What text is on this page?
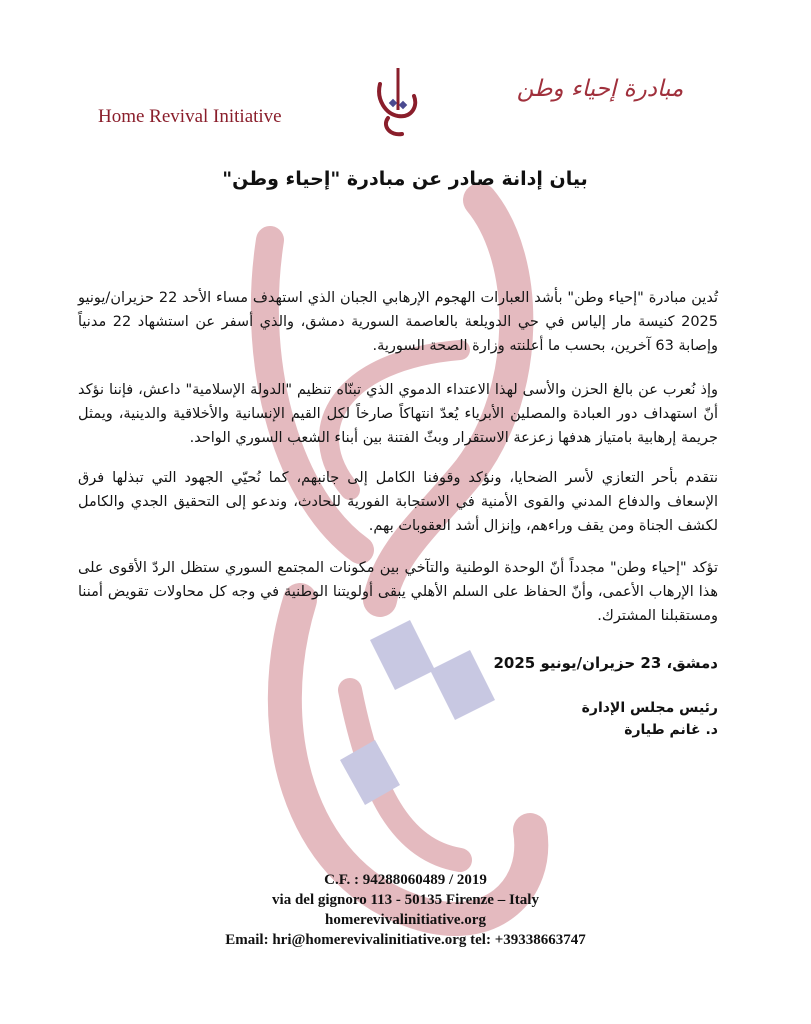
Home Revival Initiative
مبادرة إحياء وطن
بيان إدانة صادر عن مبادرة "إحياء وطن"
تُدين مبادرة "إحياء وطن" بأشد العبارات الهجوم الإرهابي الجبان الذي استهدف مساء الأحد 22 حزيران/يونيو 2025 كنيسة مار إلياس في حي الدويلعة بالعاصمة السورية دمشق، والذي أسفر عن استشهاد 22 مدنياً وإصابة 63 آخرين، بحسب ما أعلنته وزارة الصحة السورية.
وإذ نُعرب عن بالغ الحزن والأسى لهذا الاعتداء الدموي الذي تبنّاه تنظيم "الدولة الإسلامية" داعش، فإننا نؤكد أنّ استهداف دور العبادة والمصلين الأبرياء يُعدّ انتهاكاً صارخاً لكل القيم الإنسانية والأخلاقية والدينية، ويمثل جريمة إرهابية بامتياز هدفها زعزعة الاستقرار وبثّ الفتنة بين أبناء الشعب السوري الواحد.
نتقدم بأحر التعازي لأسر الضحايا، ونؤكد وقوفنا الكامل إلى جانبهم، كما نُحيّي الجهود التي تبذلها فرق الإسعاف والدفاع المدني والقوى الأمنية في الاستجابة الفورية للحادث، وندعو إلى التحقيق الجدي والكامل لكشف الجناة ومن يقف وراءهم، وإنزال أشد العقوبات بهم.
تؤكد "إحياء وطن" مجدداً أنّ الوحدة الوطنية والتآخي بين مكونات المجتمع السوري ستظل الردّ الأقوى على هذا الإرهاب الأعمى، وأنّ الحفاظ على السلم الأهلي يبقى أولويتنا الوطنية في وجه كل محاولات تقويض أمننا ومستقبلنا المشترك.
دمشق، 23 حزيران/يونيو 2025
رئيس مجلس الإدارة
د. غانم طيارة
C.F. : 94288060489 / 2019
via del gignoro 113 - 50135 Firenze – Italy
homerevivalinitiative.org
Email: hri@homerevivalinitiative.org tel: +39338663747
